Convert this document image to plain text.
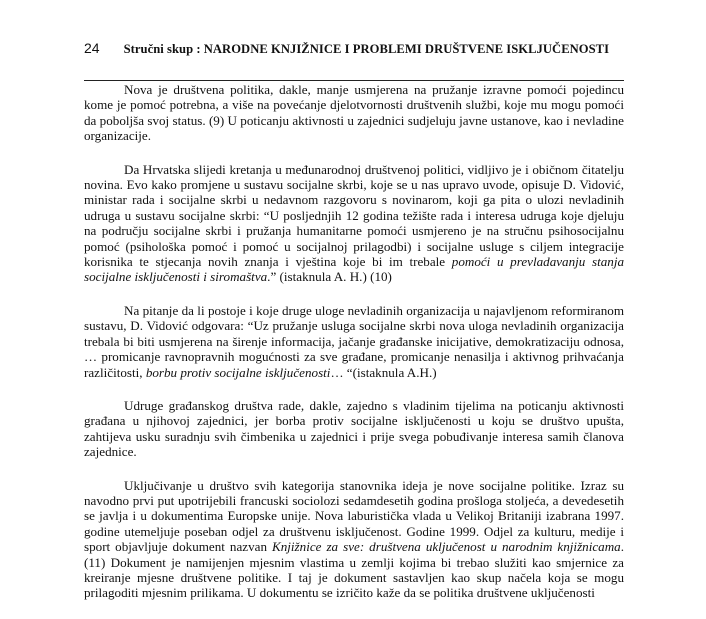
24 Stručni skup : NARODNE KNJIŽNICE I PROBLEMI DRUŠTVENE ISKLJUČENOSTI

Nova je društvena politika, dakle, manje usmjerena na pružanje izravne pomoći pojedincu kome je pomoć potrebna, a više na povećanje djelotvornosti društvenih službi, koje mu mogu pomoći da poboljša svoj status. (9) U poticanju aktivnosti u zajednici sudjeluju javne ustanove, kao i nevladine organizacije.

Da Hrvatska slijedi kretanja u međunarodnoj društvenoj politici, vidljivo je i običnom čitatelju novina. Evo kako promjene u sustavu socijalne skrbi, koje se u nas upravo uvode, opisuje D. Vidović, ministar rada i socijalne skrbi u nedavnom razgovoru s novinarom, koji ga pita o ulozi nevladinih udruga u sustavu socijalne skrbi: “U posljednjih 12 godina težište rada i interesa udruga koje djeluju na području socijalne skrbi i pružanja humanitarne pomoći usmjereno je na stručnu psihosocijalnu pomoć (psihološka pomoć i pomoć u socijalnoj prilagodbi) i socijalne usluge s ciljem integracije korisnika te stjecanja novih znanja i vještina koje bi im trebale pomoći u prevladavanju stanja socijalne isključenosti i siromaštva.” (istaknula A. H.) (10)

Na pitanje da li postoje i koje druge uloge nevladinih organizacija u najavljenom reformiranom sustavu, D. Vidović odgovara: “Uz pružanje usluga socijalne skrbi nova uloga nevladinih organizacija trebala bi biti usmjerena na širenje informacija, jačanje građanske inicijative, demokratizaciju odnosa, … promicanje ravnopravnih mogućnosti za sve građane, promicanje nenasilja i aktivnog prihvaćanja različitosti, borbu protiv socijalne isključenosti… “(istaknula A.H.)

Udruge građanskog društva rade, dakle, zajedno s vladinim tijelima na poticanju aktivnosti građana u njihovoj zajednici, jer borba protiv socijalne isključenosti u koju se društvo upušta, zahtijeva usku suradnju svih čimbenika u zajednici i prije svega pobuđivanje interesa samih članova zajednice.

Uključivanje u društvo svih kategorija stanovnika ideja je nove socijalne politike. Izraz su navodno prvi put upotrijebili francuski sociolozi sedamdesetih godina prošloga stoljeća, a devedesetih se javlja i u dokumentima Europske unije. Nova laburistička vlada u Velikoj Britaniji izabrana 1997. godine utemeljuje poseban odjel za društvenu isključenost. Godine 1999. Odjel za kulturu, medije i sport objavljuje dokument nazvan Knjižnice za sve: društvena uključenost u narodnim knjižnicama. (11) Dokument je namijenjen mjesnim vlastima u zemlji kojima bi trebao služiti kao smjernice za kreiranje mjesne društvene politike. I taj je dokument sastavljen kao skup načela koja se mogu prilagoditi mjesnim prilikama. U dokumentu se izričito kaže da se politika društvene uključenosti
